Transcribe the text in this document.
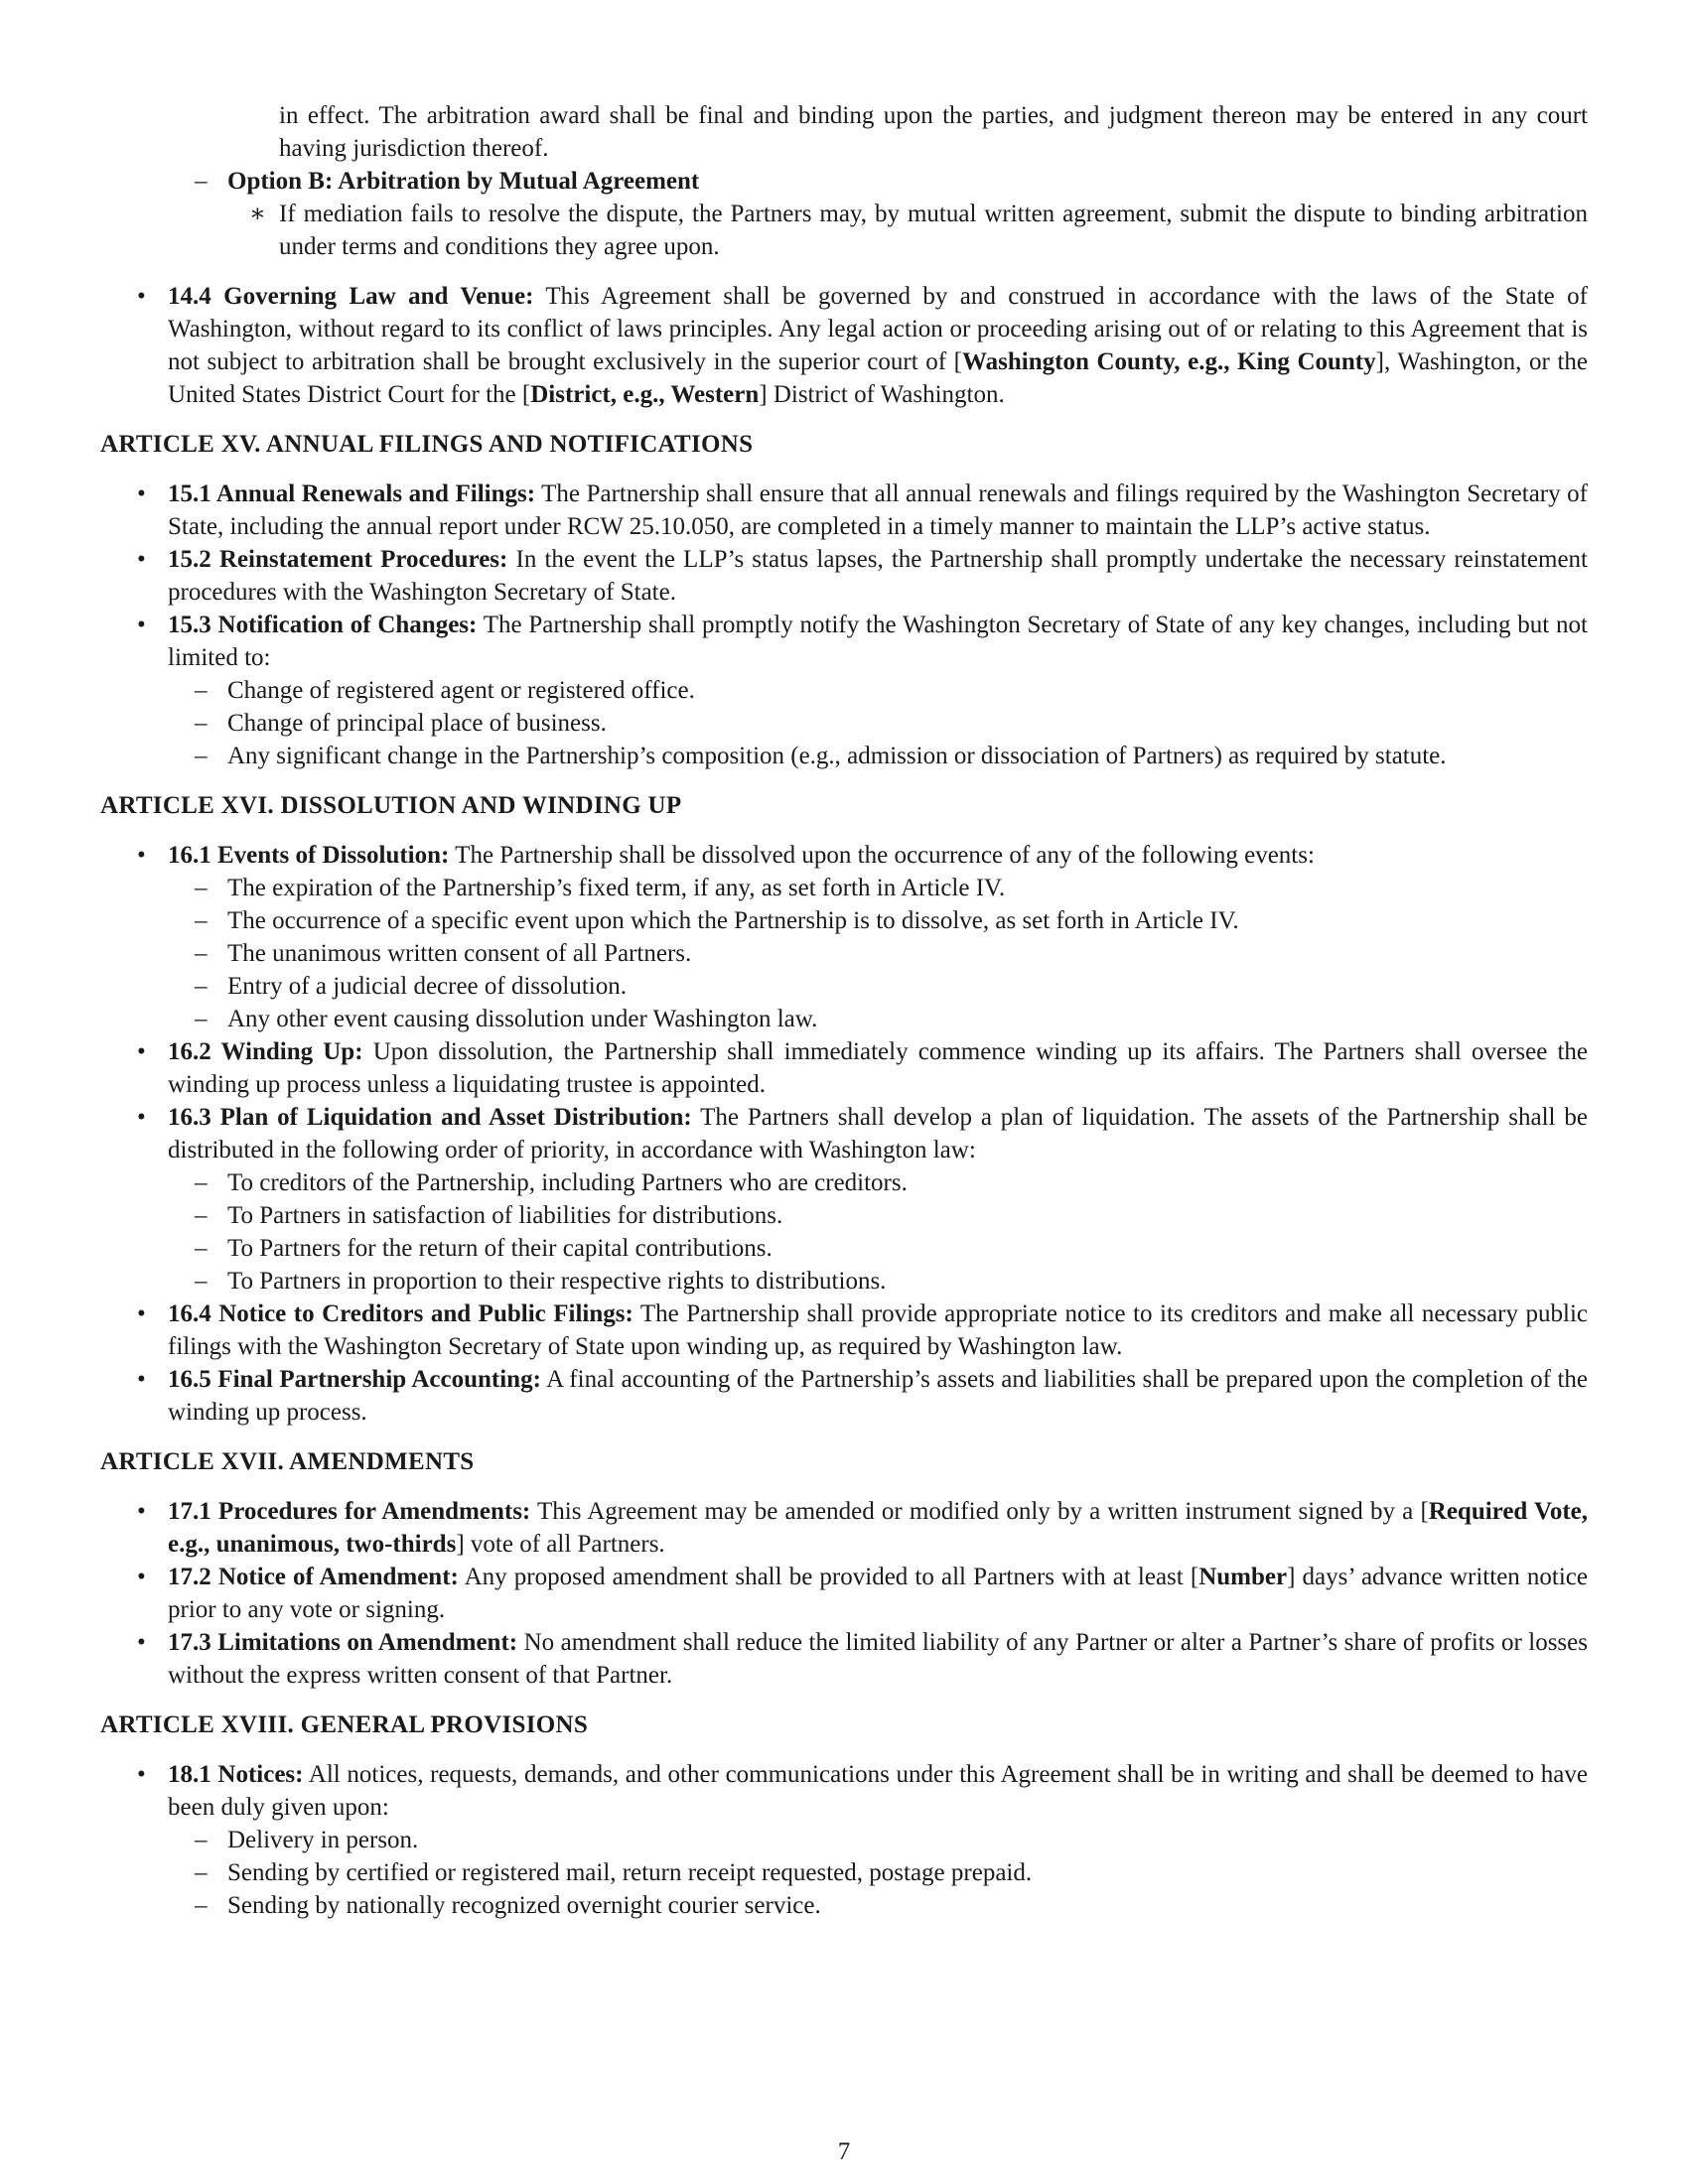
in effect. The arbitration award shall be final and binding upon the parties, and judgment thereon may be entered in any court having jurisdiction thereof.
– Option B: Arbitration by Mutual Agreement
∗ If mediation fails to resolve the dispute, the Partners may, by mutual written agreement, submit the dispute to binding arbitration under terms and conditions they agree upon.
• 14.4 Governing Law and Venue: This Agreement shall be governed by and construed in accordance with the laws of the State of Washington, without regard to its conflict of laws principles. Any legal action or proceeding arising out of or relating to this Agreement that is not subject to arbitration shall be brought exclusively in the superior court of [Washington County, e.g., King County], Washington, or the United States District Court for the [District, e.g., Western] District of Washington.
ARTICLE XV. ANNUAL FILINGS AND NOTIFICATIONS
• 15.1 Annual Renewals and Filings: The Partnership shall ensure that all annual renewals and filings required by the Washington Secretary of State, including the annual report under RCW 25.10.050, are completed in a timely manner to maintain the LLP’s active status.
• 15.2 Reinstatement Procedures: In the event the LLP’s status lapses, the Partnership shall promptly undertake the necessary reinstatement procedures with the Washington Secretary of State.
• 15.3 Notification of Changes: The Partnership shall promptly notify the Washington Secretary of State of any key changes, including but not limited to:
– Change of registered agent or registered office.
– Change of principal place of business.
– Any significant change in the Partnership’s composition (e.g., admission or dissociation of Partners) as required by statute.
ARTICLE XVI. DISSOLUTION AND WINDING UP
• 16.1 Events of Dissolution: The Partnership shall be dissolved upon the occurrence of any of the following events:
– The expiration of the Partnership’s fixed term, if any, as set forth in Article IV.
– The occurrence of a specific event upon which the Partnership is to dissolve, as set forth in Article IV.
– The unanimous written consent of all Partners.
– Entry of a judicial decree of dissolution.
– Any other event causing dissolution under Washington law.
• 16.2 Winding Up: Upon dissolution, the Partnership shall immediately commence winding up its affairs. The Partners shall oversee the winding up process unless a liquidating trustee is appointed.
• 16.3 Plan of Liquidation and Asset Distribution: The Partners shall develop a plan of liquidation. The assets of the Partnership shall be distributed in the following order of priority, in accordance with Washington law:
– To creditors of the Partnership, including Partners who are creditors.
– To Partners in satisfaction of liabilities for distributions.
– To Partners for the return of their capital contributions.
– To Partners in proportion to their respective rights to distributions.
• 16.4 Notice to Creditors and Public Filings: The Partnership shall provide appropriate notice to its creditors and make all necessary public filings with the Washington Secretary of State upon winding up, as required by Washington law.
• 16.5 Final Partnership Accounting: A final accounting of the Partnership’s assets and liabilities shall be prepared upon the completion of the winding up process.
ARTICLE XVII. AMENDMENTS
• 17.1 Procedures for Amendments: This Agreement may be amended or modified only by a written instrument signed by a [Required Vote, e.g., unanimous, two-thirds] vote of all Partners.
• 17.2 Notice of Amendment: Any proposed amendment shall be provided to all Partners with at least [Number] days’ advance written notice prior to any vote or signing.
• 17.3 Limitations on Amendment: No amendment shall reduce the limited liability of any Partner or alter a Partner’s share of profits or losses without the express written consent of that Partner.
ARTICLE XVIII. GENERAL PROVISIONS
• 18.1 Notices: All notices, requests, demands, and other communications under this Agreement shall be in writing and shall be deemed to have been duly given upon:
– Delivery in person.
– Sending by certified or registered mail, return receipt requested, postage prepaid.
– Sending by nationally recognized overnight courier service.
7
